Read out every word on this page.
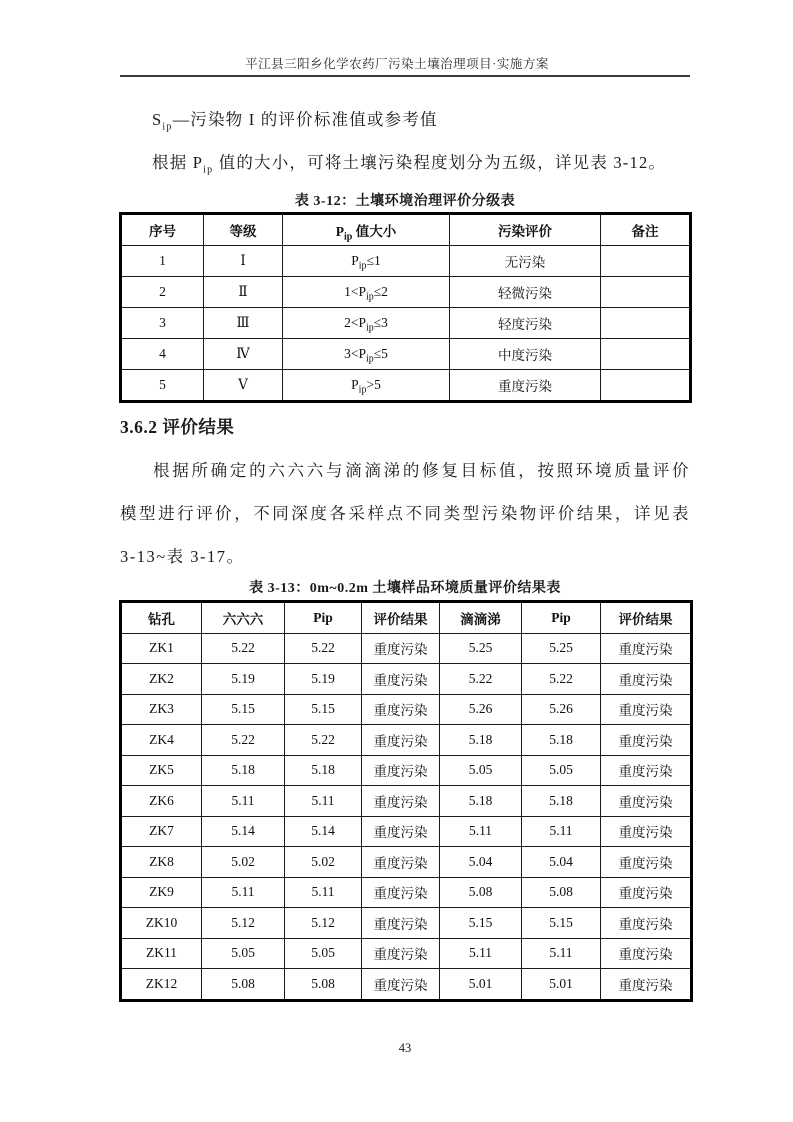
平江县三阳乡化学农药厂污染土壤治理项目·实施方案
$S_{ip}—$污染物 I 的评价标准值或参考值
根据 $P_{ip}$ 值的大小，可将土壤污染程度划分为五级，详见表 3-12。
表 3-12：土壤环境治理评价分级表
序号	等级	$P_{ip}$ 值大小	污染评价	备注
1	Ⅰ	$P_{ip}\le 1$	无污染	
2	Ⅱ	$1<P_{ip}\le 2$	轻微污染	
3	Ⅲ	$2<P_{ip}\le 3$	轻度污染	
4	Ⅳ	$3<P_{ip}\le 5$	中度污染	
5	Ⅴ	$P_{ip}>5$	重度污染	
3.6.2 评价结果
根据所确定的六六六与滴滴涕的修复目标值，按照环境质量评价
模型进行评价，不同深度各采样点不同类型污染物评价结果，详见表
3-13~表 3-17。
表 3-13：0m~0.2m 土壤样品环境质量评价结果表
钻孔	六六六	Pip	评价结果	滴滴涕	Pip	评价结果
ZK1	5.22	5.22	重度污染	5.25	5.25	重度污染
ZK2	5.19	5.19	重度污染	5.22	5.22	重度污染
ZK3	5.15	5.15	重度污染	5.26	5.26	重度污染
ZK4	5.22	5.22	重度污染	5.18	5.18	重度污染
ZK5	5.18	5.18	重度污染	5.05	5.05	重度污染
ZK6	5.11	5.11	重度污染	5.18	5.18	重度污染
ZK7	5.14	5.14	重度污染	5.11	5.11	重度污染
ZK8	5.02	5.02	重度污染	5.04	5.04	重度污染
ZK9	5.11	5.11	重度污染	5.08	5.08	重度污染
ZK10	5.12	5.12	重度污染	5.15	5.15	重度污染
ZK11	5.05	5.05	重度污染	5.11	5.11	重度污染
ZK12	5.08	5.08	重度污染	5.01	5.01	重度污染
43
